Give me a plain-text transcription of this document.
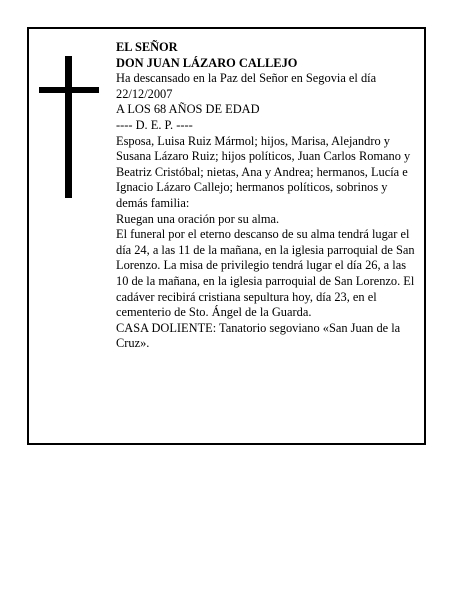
EL SEÑOR
DON JUAN LÁZARO CALLEJO
Ha descansado en la Paz del Señor en Segovia el día 22/12/2007
A LOS 68 AÑOS DE EDAD
---- D. E. P. ----
Esposa, Luisa Ruiz Mármol; hijos, Marisa, Alejandro y Susana Lázaro Ruiz; hijos políticos, Juan Carlos Romano y Beatriz Cristóbal; nietas, Ana y Andrea; hermanos, Lucía e Ignacio Lázaro Callejo; hermanos políticos, sobrinos y demás familia:
Ruegan una oración por su alma.
El funeral por el eterno descanso de su alma tendrá lugar el día 24, a las 11 de la mañana, en la iglesia parroquial de San Lorenzo. La misa de privilegio tendrá lugar el día 26, a las 10 de la mañana, en la iglesia parroquial de San Lorenzo. El cadáver recibirá cristiana sepultura hoy, día 23, en el cementerio de Sto. Ángel de la Guarda.
CASA DOLIENTE: Tanatorio segoviano «San Juan de la Cruz».
